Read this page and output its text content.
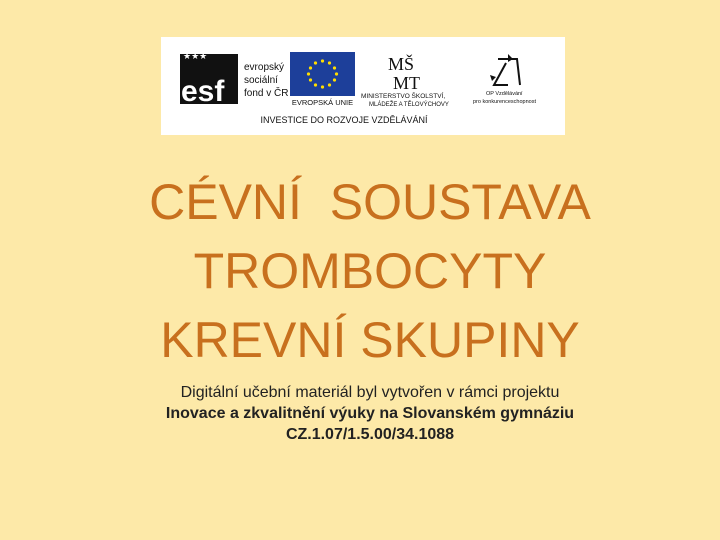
★★★
esf
evropský
sociální
fond v ČR
EVROPSKÁ UNIE
MŠ
MT
MINISTERSTVO ŠKOLSTVÍ,
MLÁDEŽE A TĚLOVÝCHOVY
OP Vzdělávání
pro konkurenceschopnost
INVESTICE DO ROZVOJE VZDĚLÁVÁNÍ
CÉVNÍ  SOUSTAVA
TROMBOCYTY
KREVNÍ SKUPINY
Digitální učební materiál byl vytvořen v rámci projektu
Inovace a zkvalitnění výuky na Slovanském gymnáziu
CZ.1.07/1.5.00/34.1088
